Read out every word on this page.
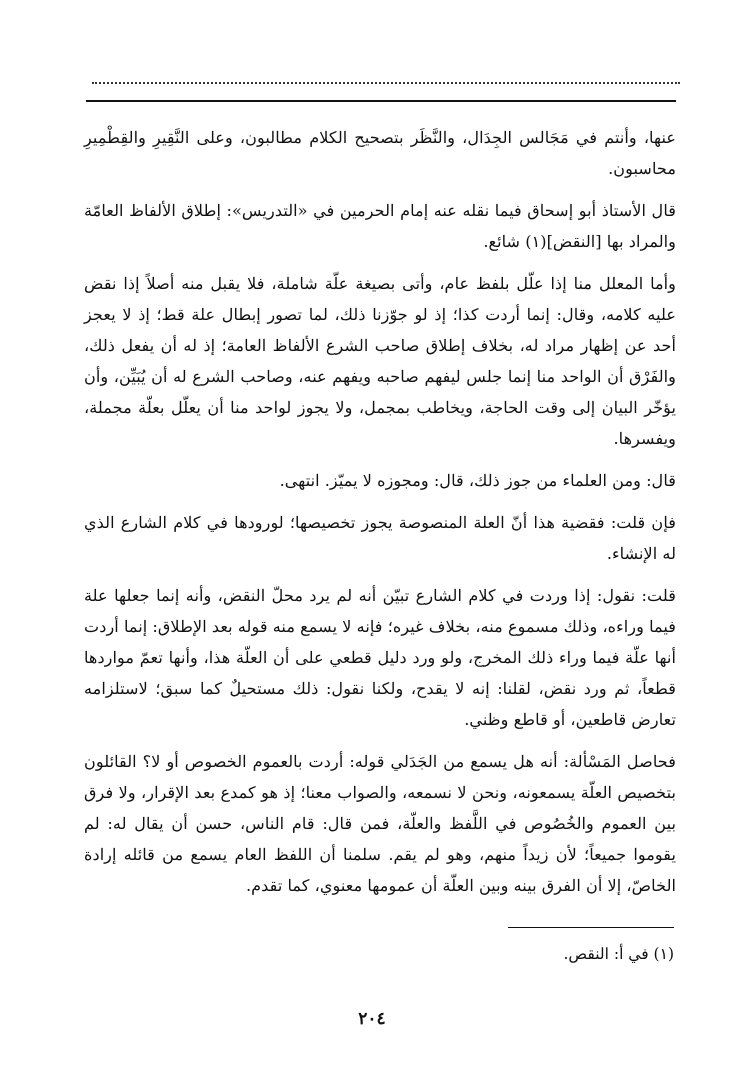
عنها، وأنتم في مَجَالس الجِدَال، والنَّظَر بتصحيح الكلام مطالبون، وعلى النَّقِيرِ والقِطْمِيرِ محاسبون.

قال الأستاذ أبو إسحاق فيما نقله عنه إمام الحرمين في «التدريس»: إطلاق الألفاظ العامّة والمراد بها [النقض](١) شائع.

وأما المعلل منا إذا علّل بلفظ عام، وأتى بصيغة علّة شاملة، فلا يقبل منه أصلاً إذا نقض عليه كلامه، وقال: إنما أردت كذا؛ إذ لو جوّزنا ذلك، لما تصور إبطال علة قط؛ إذ لا يعجز أحد عن إظهار مراد له، بخلاف إطلاق صاحب الشرع الألفاظ العامة؛ إذ له أن يفعل ذلك، والفَرْق أن الواحد منا إنما جلس ليفهم صاحبه ويفهم عنه، وصاحب الشرع له أن يُبَيِّن، وأن يؤخّر البيان إلى وقت الحاجة، ويخاطب بمجمل، ولا يجوز لواحد منا أن يعلّل بعلّة مجملة، ويفسرها.

قال: ومن العلماء من جوز ذلك، قال: ومجوزه لا يميّز. انتهى.

فإن قلت: فقضية هذا أنّ العلة المنصوصة يجوز تخصيصها؛ لورودها في كلام الشارع الذي له الإنشاء.

قلت: نقول: إذا وردت في كلام الشارع تبيّن أنه لم يرد محلّ النقض، وأنه إنما جعلها علة فيما وراءه، وذلك مسموع منه، بخلاف غيره؛ فإنه لا يسمع منه قوله بعد الإطلاق: إنما أردت أنها علّة فيما وراء ذلك المخرج، ولو ورد دليل قطعي على أن العلّة هذا، وأنها تعمّ مواردها قطعاً، ثم ورد نقض، لقلنا: إنه لا يقدح، ولكنا نقول: ذلك مستحيلٌ كما سبق؛ لاستلزامه تعارض قاطعين، أو قاطع وظني.

فحاصل المَسْألة: أنه هل يسمع من الجَدَلي قوله: أردت بالعموم الخصوص أو لا؟ القائلون بتخصيص العلّة يسمعونه، ونحن لا نسمعه، والصواب معنا؛ إذ هو كمدع بعد الإقرار، ولا فرق بين العموم والخُصُوص في اللَّفظ والعلّة، فمن قال: قام الناس، حسن أن يقال له: لم يقوموا جميعاً؛ لأن زيداً منهم، وهو لم يقم. سلمنا أن اللفظ العام يسمع من قائله إرادة الخاصّ، إلا أن الفرق بينه وبين العلّة أن عمومها معنوي، كما تقدم.

(١) في أ: النقص.
٢٠٤
